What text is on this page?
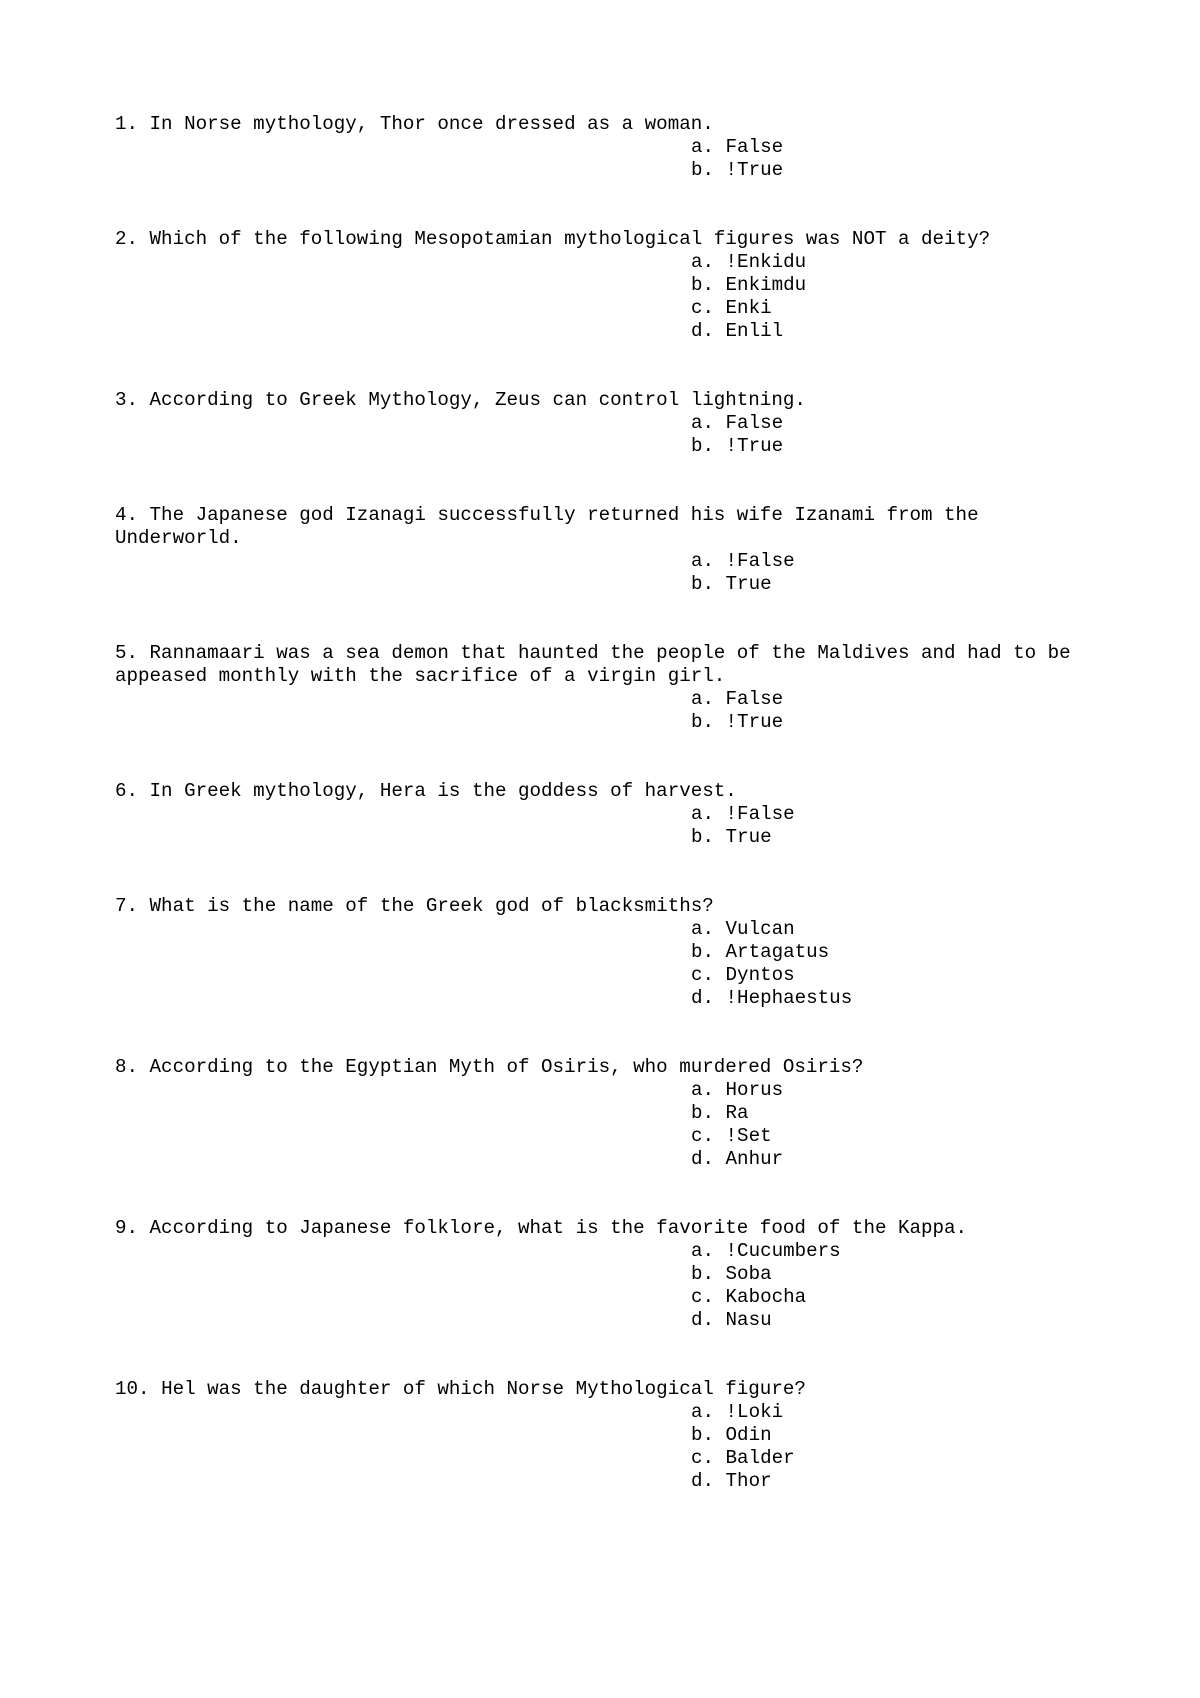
1. In Norse mythology, Thor once dressed as a woman.

a. False
b. !True

2. Which of the following Mesopotamian mythological figures was NOT a deity?

a. !Enkidu
b. Enkimdu
c. Enki
d. Enlil

3. According to Greek Mythology, Zeus can control lightning.

a. False
b. !True

4. The Japanese god Izanagi successfully returned his wife Izanami from the Underworld.

a. !False
b. True

5. Rannamaari was a sea demon that haunted the people of the Maldives and had to be appeased monthly with the sacrifice of a virgin girl.

a. False
b. !True

6. In Greek mythology, Hera is the goddess of harvest.

a. !False
b. True

7. What is the name of the Greek god of blacksmiths?

a. Vulcan
b. Artagatus
c. Dyntos
d. !Hephaestus

8. According to the Egyptian Myth of Osiris, who murdered Osiris?

a. Horus
b. Ra
c. !Set
d. Anhur

9. According to Japanese folklore, what is the favorite food of the Kappa.

a. !Cucumbers
b. Soba
c. Kabocha
d. Nasu

10. Hel was the daughter of which Norse Mythological figure?

a. !Loki
b. Odin
c. Balder
d. Thor
